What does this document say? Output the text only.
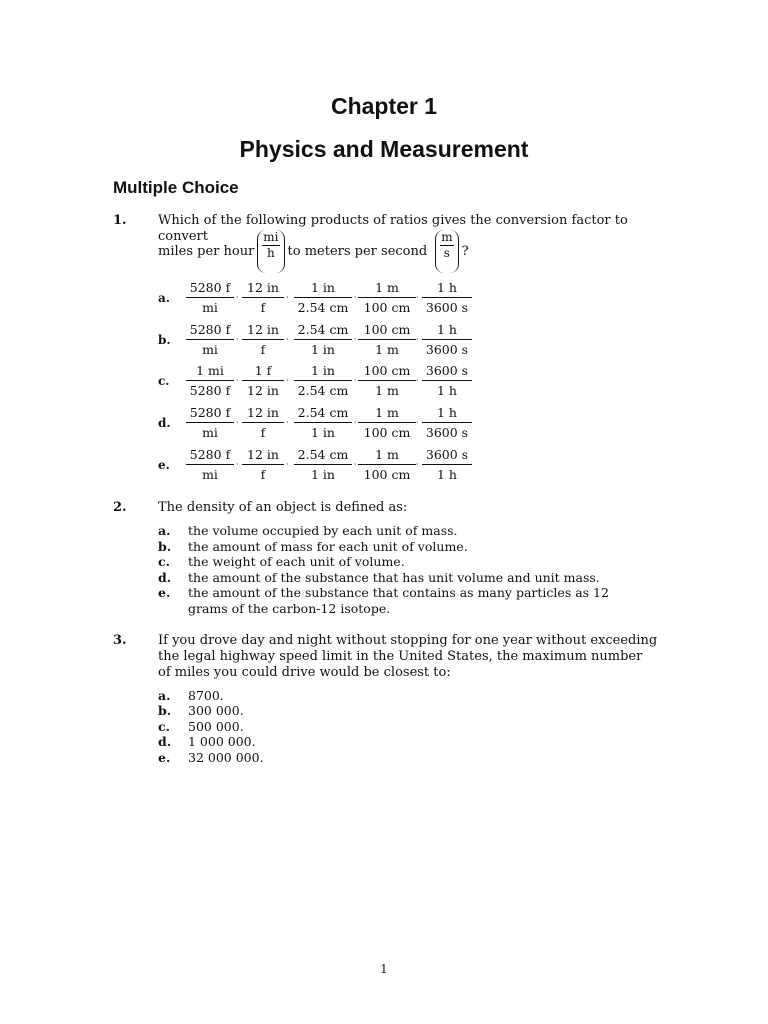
Chapter 1
Physics and Measurement
Multiple Choice
1. Which of the following products of ratios gives the conversion factor to convert
miles per hour $\frac{mi}{h}$ to meters per second $\frac{m}{s}$ ?
a. $\frac{5280 f}{mi} \cdot \frac{12 in}{f} \cdot \frac{1 in}{2.54 cm} \cdot \frac{1 m}{100 cm} \cdot \frac{1 h}{3600 s}$
b. $\frac{5280 f}{mi} \cdot \frac{12 in}{f} \cdot \frac{2.54 cm}{1 in} \cdot \frac{100 cm}{1 m} \cdot \frac{1 h}{3600 s}$
c. $\frac{1 mi}{5280 f} \cdot \frac{1 f}{12 in} \cdot \frac{1 in}{2.54 cm} \cdot \frac{100 cm}{1 m} \cdot \frac{3600 s}{1 h}$
d. $\frac{5280 f}{mi} \cdot \frac{12 in}{f} \cdot \frac{2.54 cm}{1 in} \cdot \frac{1 m}{100 cm} \cdot \frac{1 h}{3600 s}$
e. $\frac{5280 f}{mi} \cdot \frac{12 in}{f} \cdot \frac{2.54 cm}{1 in} \cdot \frac{1 m}{100 cm} \cdot \frac{3600 s}{1 h}$
2. The density of an object is defined as:
a. the volume occupied by each unit of mass.
b. the amount of mass for each unit of volume.
c. the weight of each unit of volume.
d. the amount of the substance that has unit volume and unit mass.
e. the amount of the substance that contains as many particles as 12 grams of the carbon-12 isotope.
3. If you drove day and night without stopping for one year without exceeding the legal highway speed limit in the United States, the maximum number of miles you could drive would be closest to:
a. 8700.
b. 300 000.
c. 500 000.
d. 1 000 000.
e. 32 000 000.
1
